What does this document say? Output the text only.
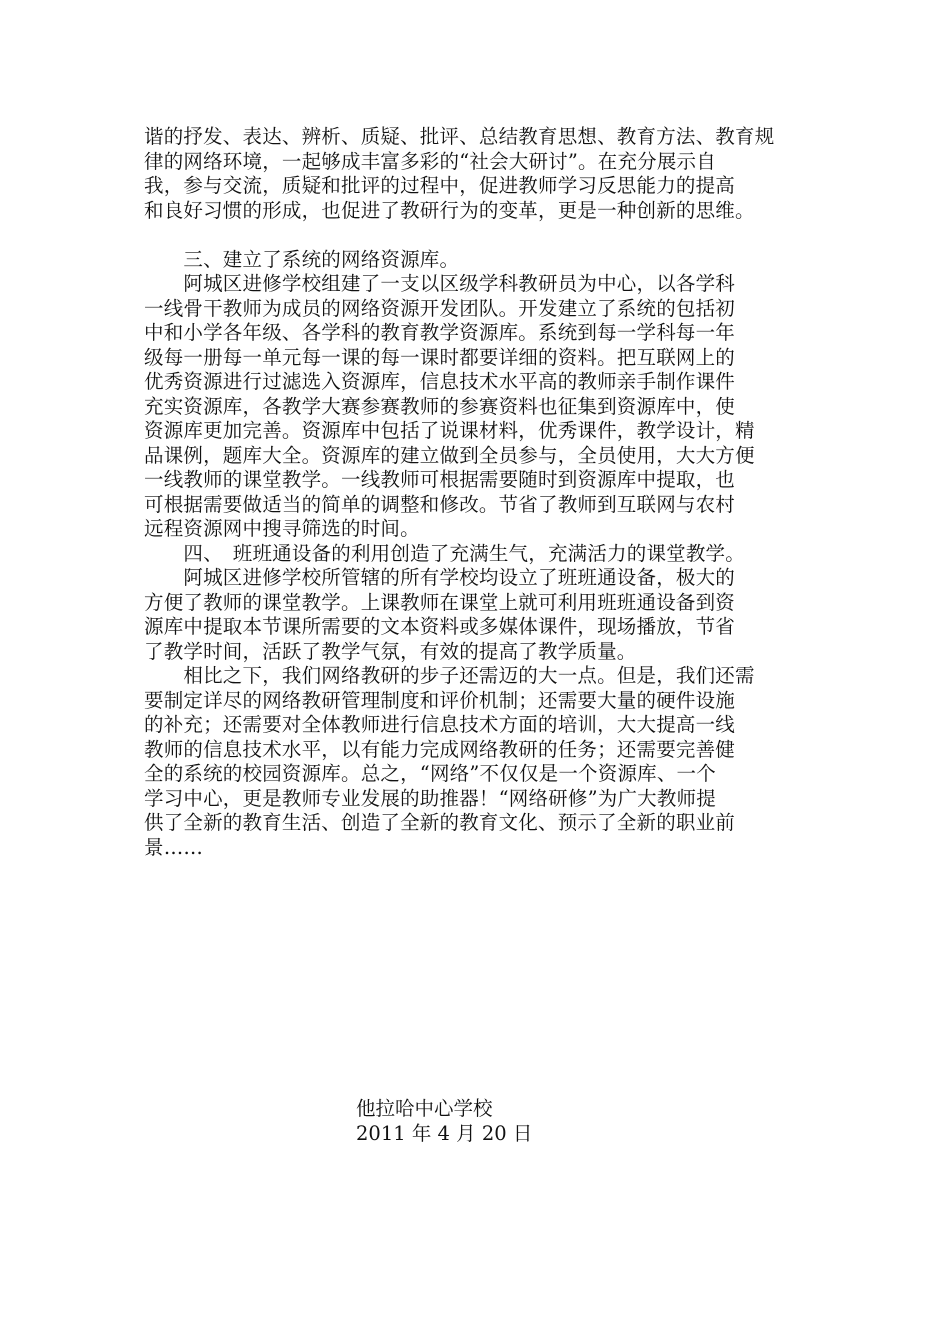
谐的抒发、表达、辨析、质疑、批评、总结教育思想、教育方法、教育规
律的网络环境，一起够成丰富多彩的“社会大研讨”。在充分展示自
我，参与交流，质疑和批评的过程中，促进教师学习反思能力的提高
和良好习惯的形成，也促进了教研行为的变革，更是一种创新的思维。
　　三、建立了系统的网络资源库。
　　阿城区进修学校组建了一支以区级学科教研员为中心，以各学科
一线骨干教师为成员的网络资源开发团队。开发建立了系统的包括初
中和小学各年级、各学科的教育教学资源库。系统到每一学科每一年
级每一册每一单元每一课的每一课时都要详细的资料。把互联网上的
优秀资源进行过滤选入资源库，信息技术水平高的教师亲手制作课件
充实资源库，各教学大赛参赛教师的参赛资料也征集到资源库中，使
资源库更加完善。资源库中包括了说课材料，优秀课件，教学设计，精
品课例，题库大全。资源库的建立做到全员参与，全员使用，大大方便
一线教师的课堂教学。一线教师可根据需要随时到资源库中提取，也
可根据需要做适当的简单的调整和修改。节省了教师到互联网与农村
远程资源网中搜寻筛选的时间。
　　四、　班班通设备的利用创造了充满生气，充满活力的课堂教学。
　　阿城区进修学校所管辖的所有学校均设立了班班通设备，极大的
方便了教师的课堂教学。上课教师在课堂上就可利用班班通设备到资
源库中提取本节课所需要的文本资料或多媒体课件，现场播放，节省
了教学时间，活跃了教学气氛，有效的提高了教学质量。
　　相比之下，我们网络教研的步子还需迈的大一点。但是，我们还需
要制定详尽的网络教研管理制度和评价机制；还需要大量的硬件设施
的补充；还需要对全体教师进行信息技术方面的培训，大大提高一线
教师的信息技术水平，以有能力完成网络教研的任务；还需要完善健
全的系统的校园资源库。总之，“网络”不仅仅是一个资源库、一个
学习中心，更是教师专业发展的助推器！“网络研修”为广大教师提
供了全新的教育生活、创造了全新的教育文化、预示了全新的职业前
景……
他拉哈中心学校
2011 年 4 月 20 日
